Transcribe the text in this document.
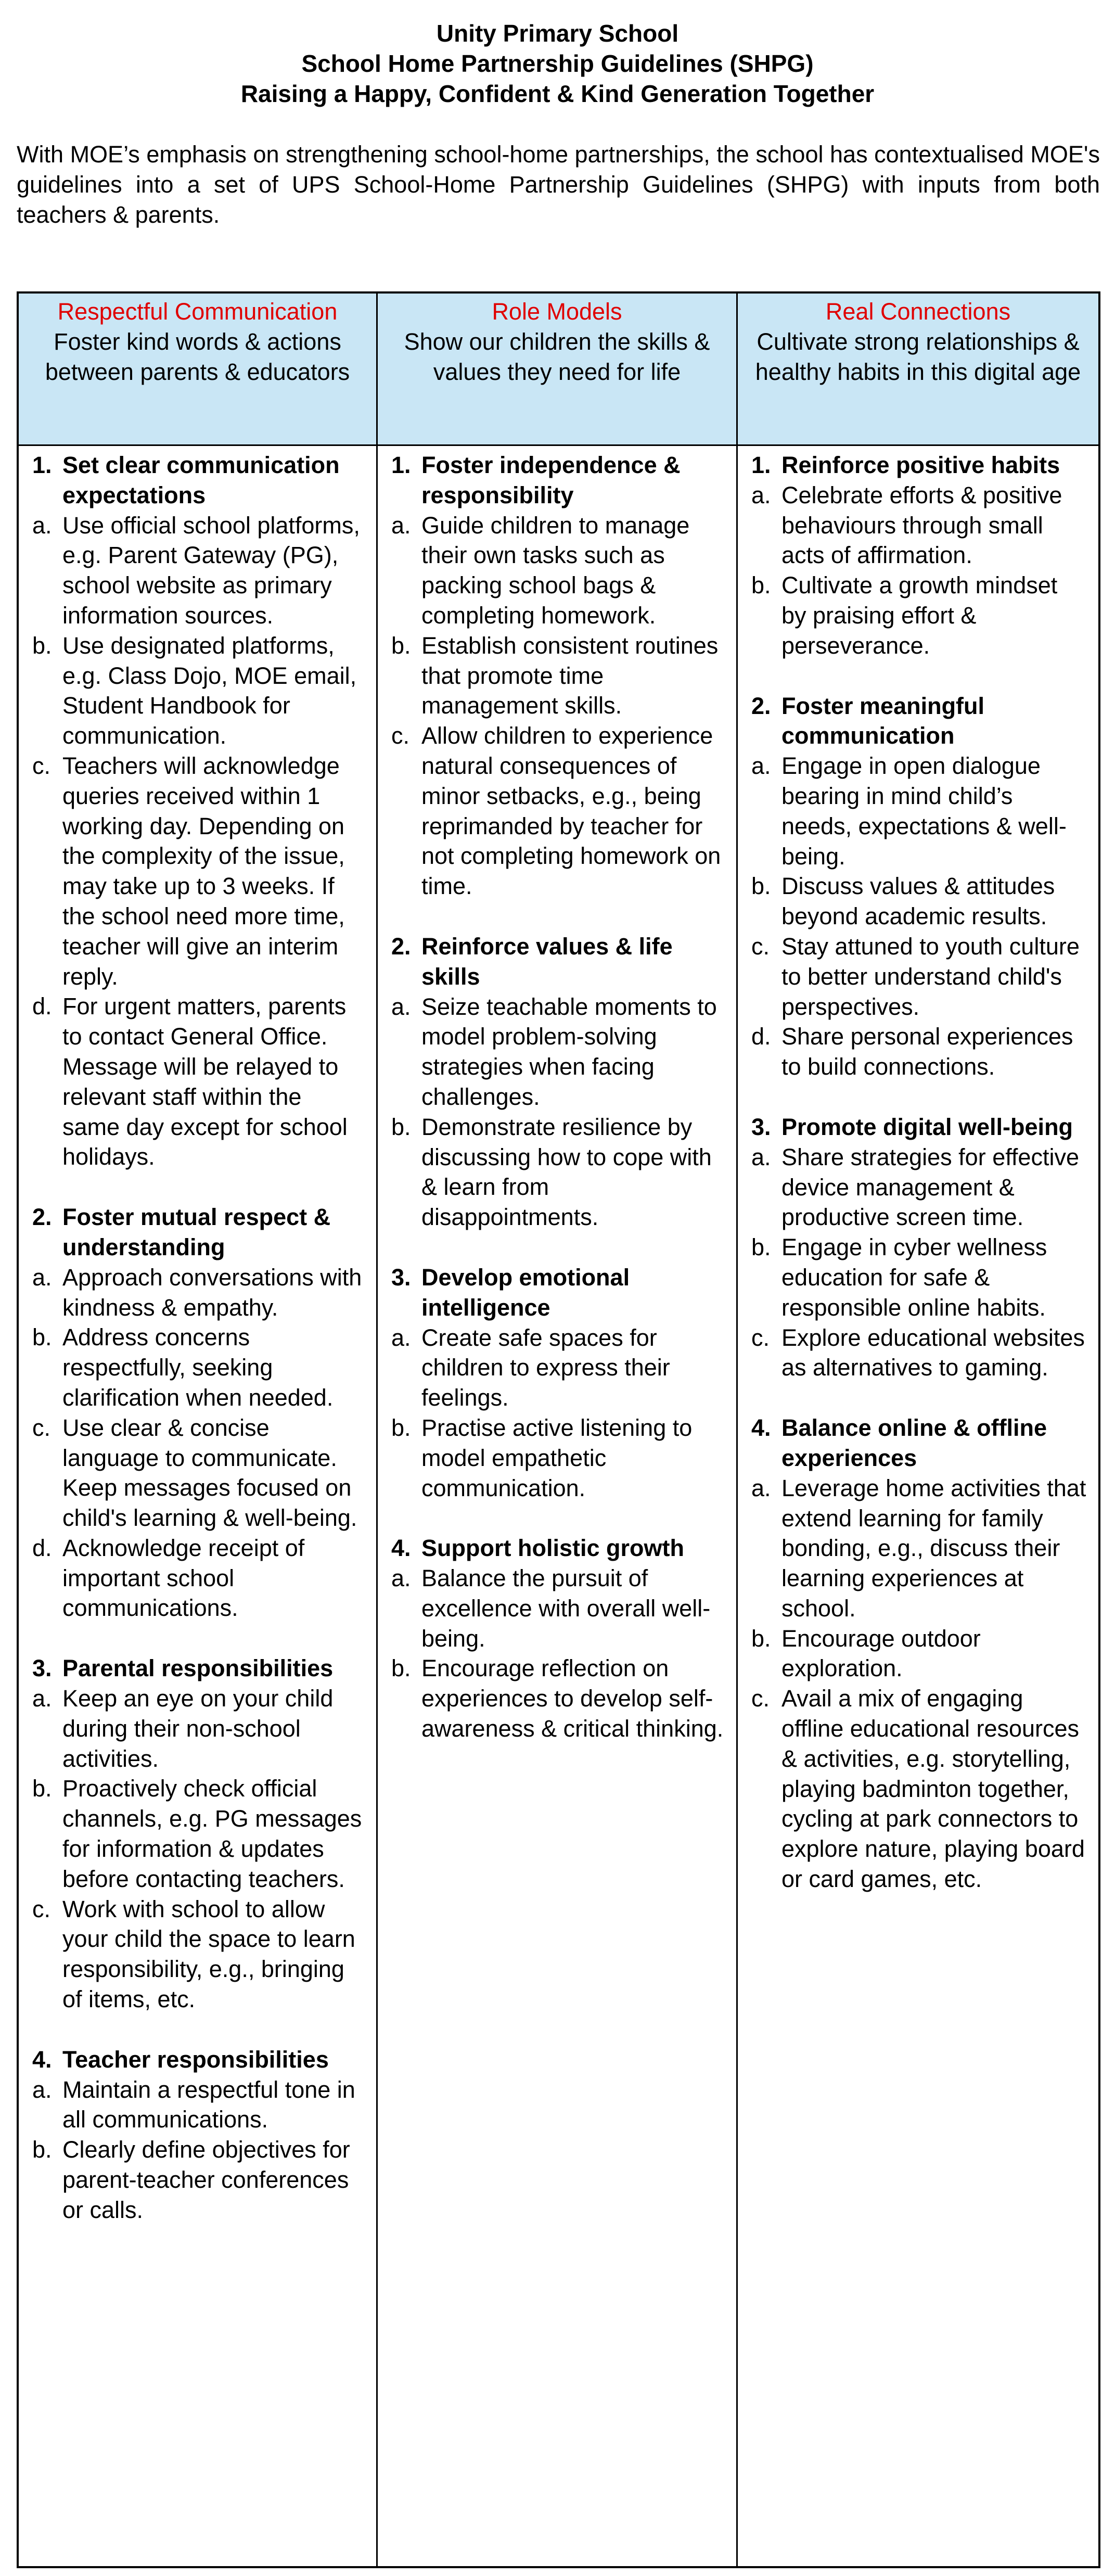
Unity Primary School
School Home Partnership Guidelines (SHPG)
Raising a Happy, Confident & Kind Generation Together
With MOE’s emphasis on strengthening school-home partnerships, the school has contextualised MOE's guidelines into a set of UPS School-Home Partnership Guidelines (SHPG) with inputs from both teachers & parents.
Respectful Communication
Foster kind words & actions between parents & educators
Role Models
Show our children the skills & values they need for life
Real Connections
Cultivate strong relationships & healthy habits in this digital age
1. Set clear communication expectations
a. Use official school platforms, e.g. Parent Gateway (PG), school website as primary information sources.
b. Use designated platforms, e.g. Class Dojo, MOE email, Student Handbook for communication.
c. Teachers will acknowledge queries received within 1 working day. Depending on the complexity of the issue, may take up to 3 weeks. If the school need more time, teacher will give an interim reply.
d. For urgent matters, parents to contact General Office. Message will be relayed to relevant staff within the same day except for school holidays.
2. Foster mutual respect & understanding
a. Approach conversations with kindness & empathy.
b. Address concerns respectfully, seeking clarification when needed.
c. Use clear & concise language to communicate. Keep messages focused on child's learning & well-being.
d. Acknowledge receipt of important school communications.
3. Parental responsibilities
a. Keep an eye on your child during their non-school activities.
b. Proactively check official channels, e.g. PG messages for information & updates before contacting teachers.
c. Work with school to allow your child the space to learn responsibility, e.g., bringing of items, etc.
4. Teacher responsibilities
a. Maintain a respectful tone in all communications.
b. Clearly define objectives for parent-teacher conferences or calls.
1. Foster independence & responsibility
a. Guide children to manage their own tasks such as packing school bags & completing homework.
b. Establish consistent routines that promote time management skills.
c. Allow children to experience natural consequences of minor setbacks, e.g., being reprimanded by teacher for not completing homework on time.
2. Reinforce values & life skills
a. Seize teachable moments to model problem-solving strategies when facing challenges.
b. Demonstrate resilience by discussing how to cope with & learn from disappointments.
3. Develop emotional intelligence
a. Create safe spaces for children to express their feelings.
b. Practise active listening to model empathetic communication.
4. Support holistic growth
a. Balance the pursuit of excellence with overall well-being.
b. Encourage reflection on experiences to develop self-awareness & critical thinking.
1. Reinforce positive habits
a. Celebrate efforts & positive behaviours through small acts of affirmation.
b. Cultivate a growth mindset by praising effort & perseverance.
2. Foster meaningful communication
a. Engage in open dialogue bearing in mind child’s needs, expectations & well-being.
b. Discuss values & attitudes beyond academic results.
c. Stay attuned to youth culture to better understand child's perspectives.
d. Share personal experiences to build connections.
3. Promote digital well-being
a. Share strategies for effective device management & productive screen time.
b. Engage in cyber wellness education for safe & responsible online habits.
c. Explore educational websites as alternatives to gaming.
4. Balance online & offline experiences
a. Leverage home activities that extend learning for family bonding, e.g., discuss their learning experiences at school.
b. Encourage outdoor exploration.
c. Avail a mix of engaging offline educational resources & activities, e.g. storytelling, playing badminton together, cycling at park connectors to explore nature, playing board or card games, etc.
